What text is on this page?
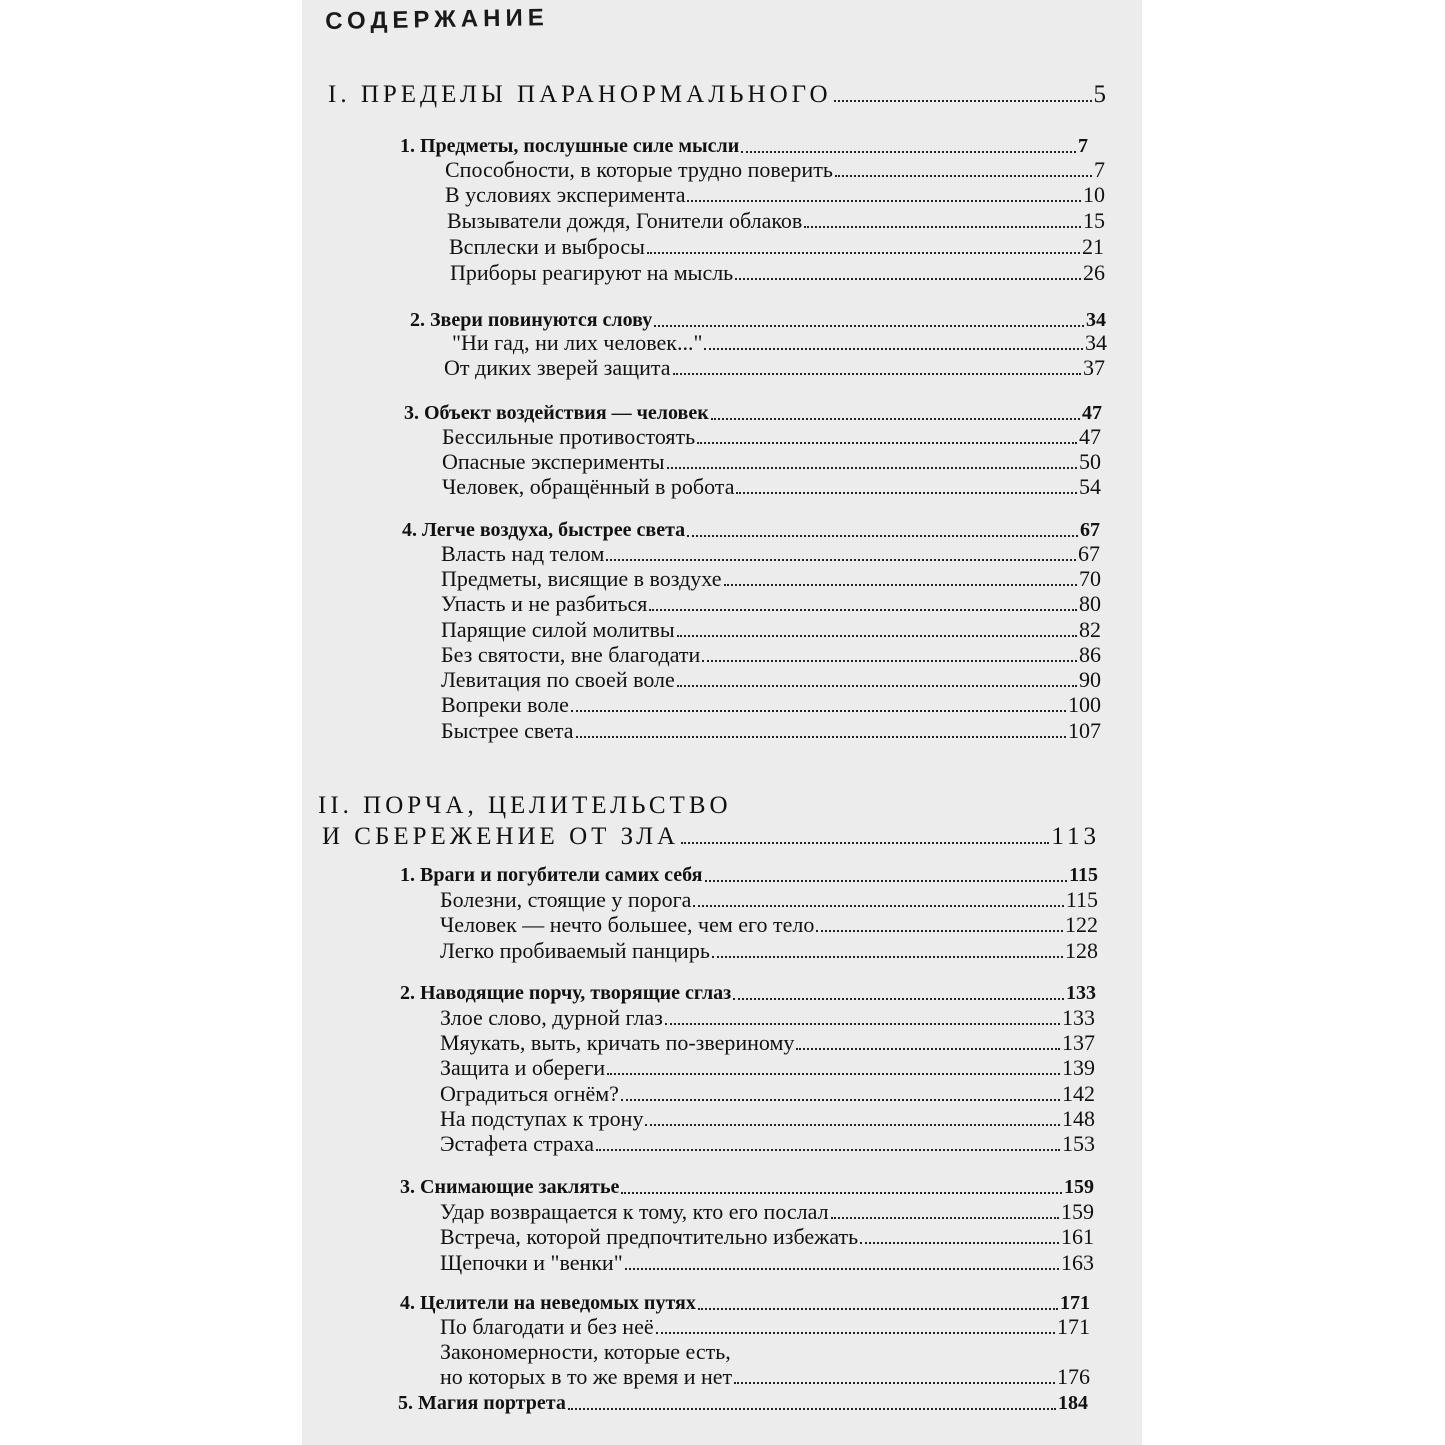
СОДЕРЖАНИЕ
I. ПРЕДЕЛЫ ПАРАНОРМАЛЬНОГО	5
1. Предметы, послушные силе мысли	7
Способности, в которые трудно поверить	7
В условиях эксперимента	10
Вызыватели дождя, Гонители облаков	15
Всплески и выбросы	21
Приборы реагируют на мысль	26
2. Звери повинуются слову	34
"Ни гад, ни лих человек..."	34
От диких зверей защита	37
3. Объект воздействия — человек	47
Бессильные противостоять	47
Опасные эксперименты	50
Человек, обращённый в робота	54
4. Легче воздуха, быстрее света	67
Власть над телом	67
Предметы, висящие в воздухе	70
Упасть и не разбиться	80
Парящие силой молитвы	82
Без святости, вне благодати	86
Левитация по своей воле	90
Вопреки воле	100
Быстрее света	107
II. ПОРЧА, ЦЕЛИТЕЛЬСТВО
И СБЕРЕЖЕНИЕ ОТ ЗЛА	113
1. Враги и погубители самих себя	115
Болезни, стоящие у порога	115
Человек — нечто большее, чем его тело	122
Легко пробиваемый панцирь	128
2. Наводящие порчу, творящие сглаз	133
Злое слово, дурной глаз	133
Мяукать, выть, кричать по-звериному	137
Защита и обереги	139
Оградиться огнём?	142
На подступах к трону	148
Эстафета страха	153
3. Снимающие заклятье	159
Удар возвращается к тому, кто его послал	159
Встреча, которой предпочтительно избежать	161
Щепочки и "венки"	163
4. Целители на неведомых путях	171
По благодати и без неё	171
Закономерности, которые есть,
но которых в то же время и нет	176
5. Магия портрета	184
